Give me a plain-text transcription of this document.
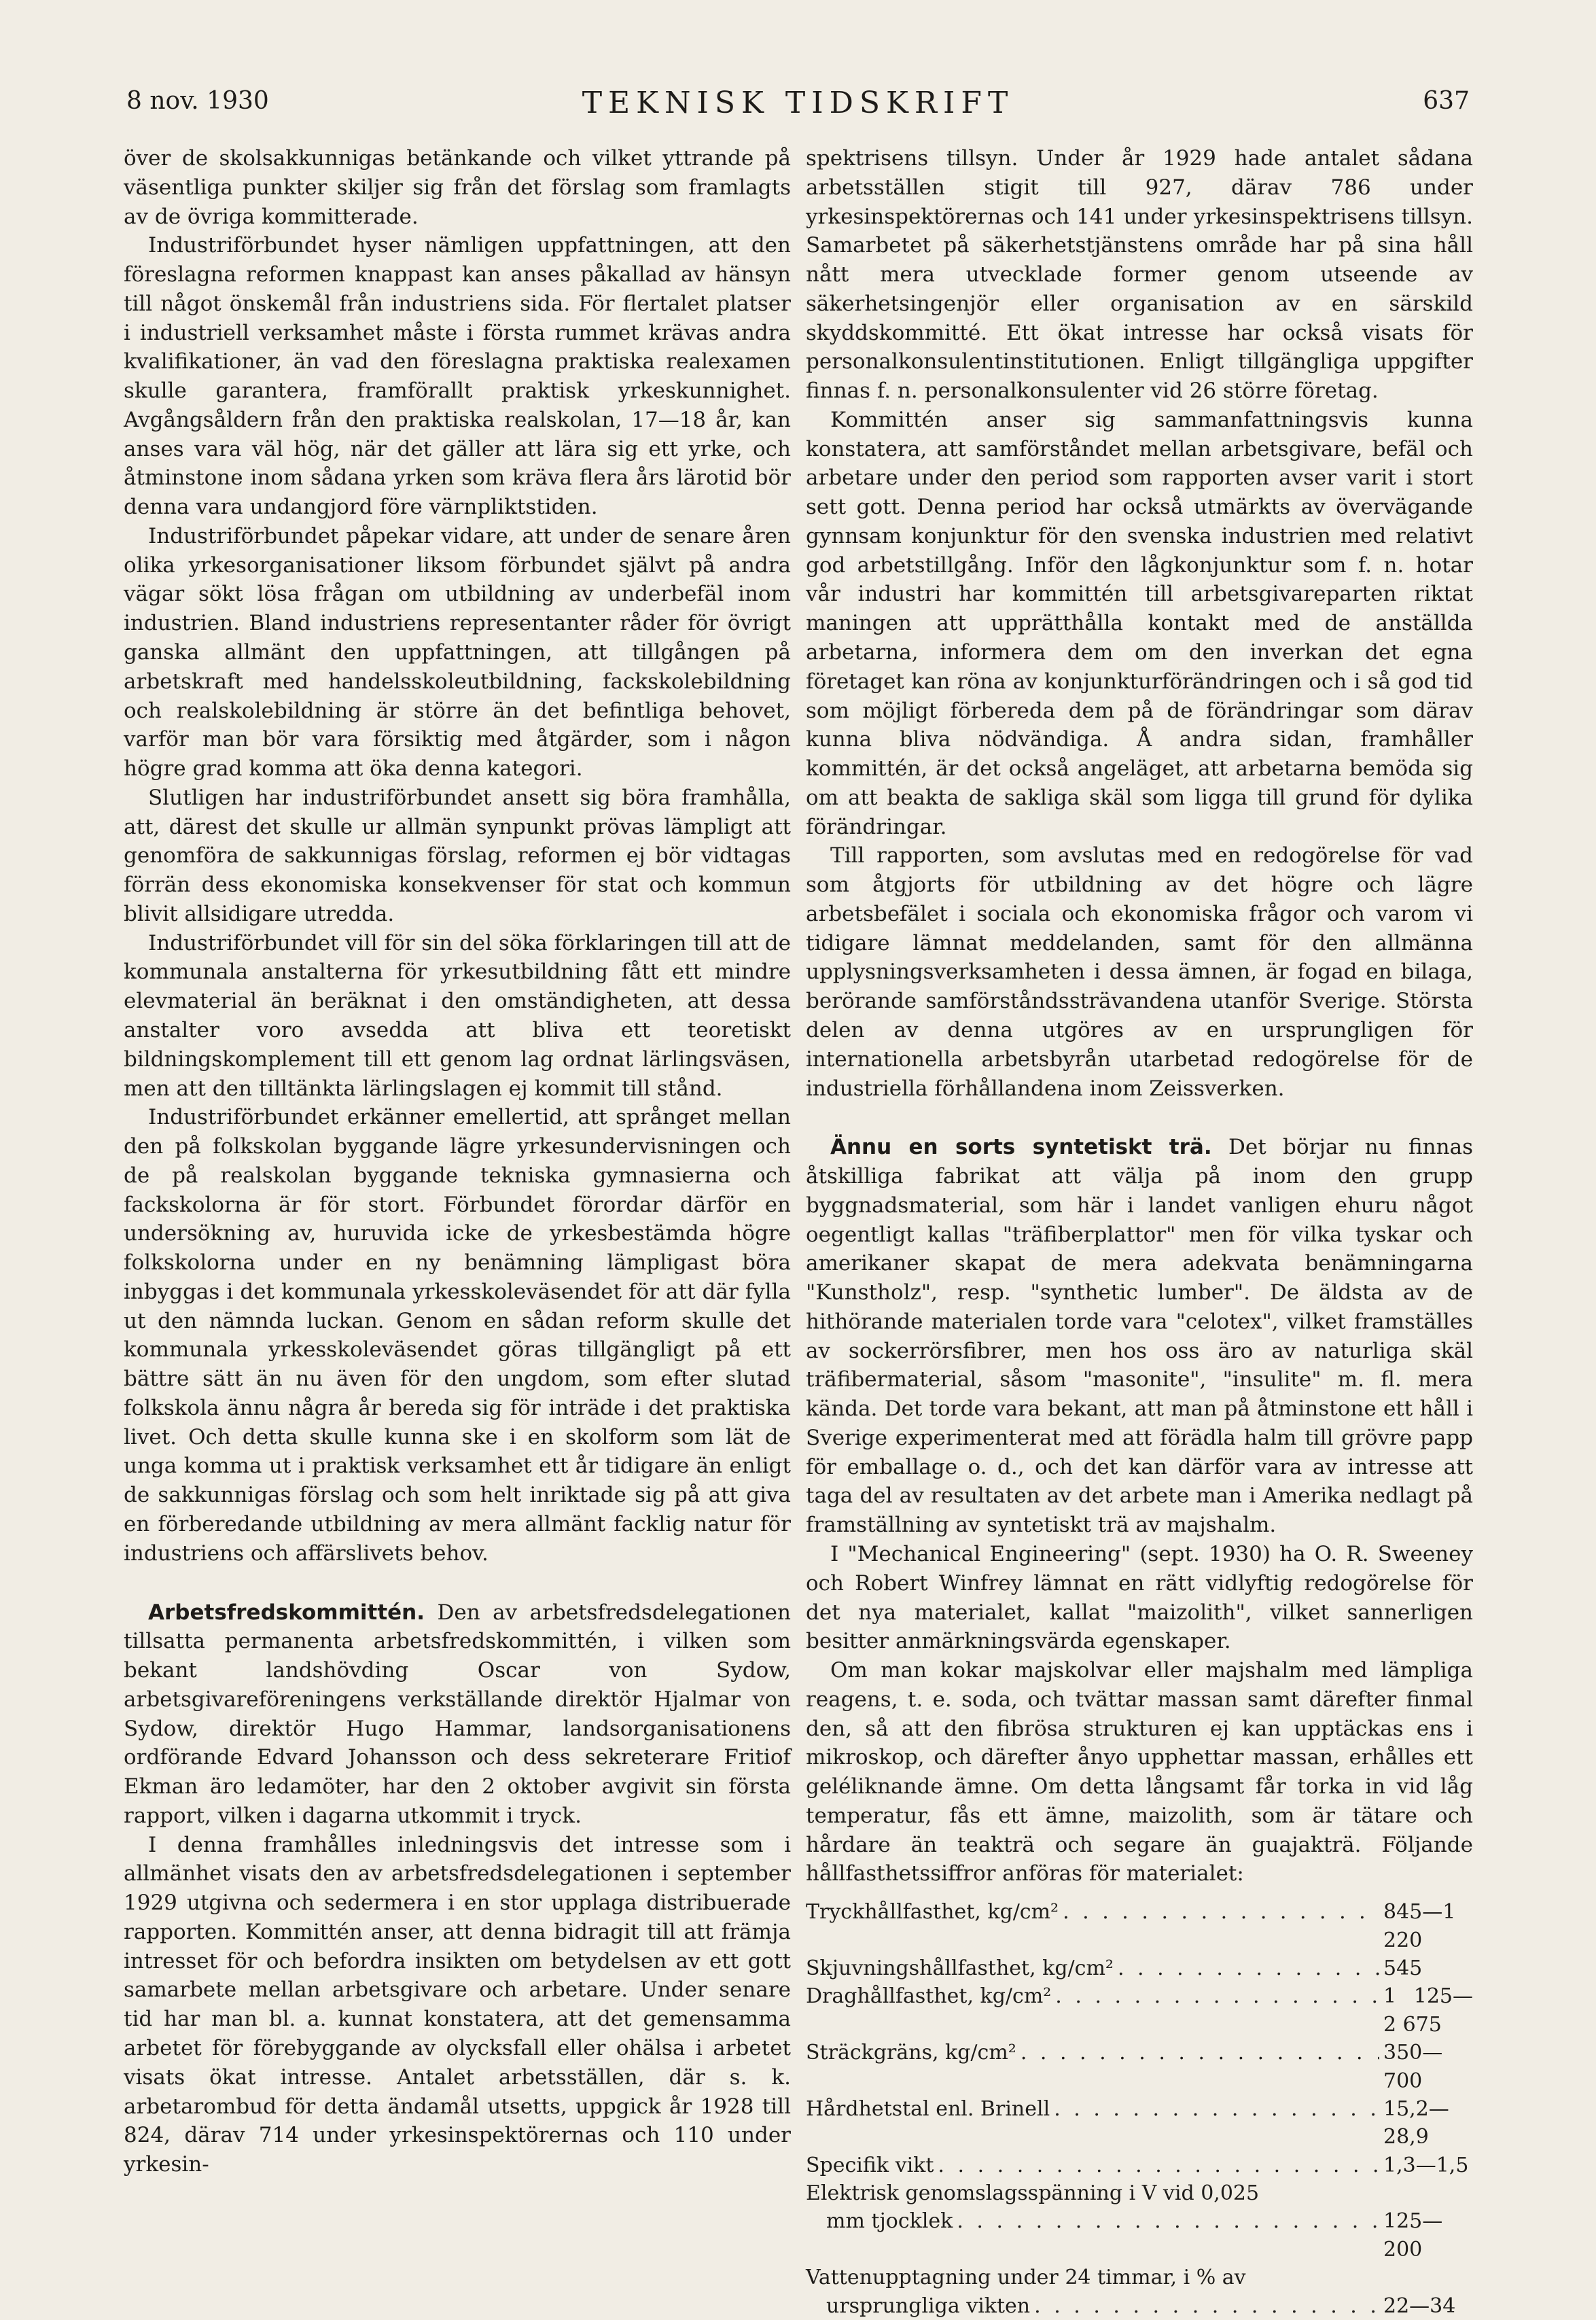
8 nov. 1930	TEKNISK TIDSKRIFT	637

över de skolsakkunnigas betänkande och vilket yttrande på väsentliga punkter skiljer sig från det förslag som framlagts av de övriga kommitterade.

Industriförbundet hyser nämligen uppfattningen, att den föreslagna reformen knappast kan anses påkallad av hänsyn till något önskemål från industriens sida. För flertalet platser i industriell verksamhet måste i första rummet krävas andra kvalifikationer, än vad den föreslagna praktiska realexamen skulle garantera, framförallt praktisk yrkeskunnighet. Avgångsåldern från den praktiska realskolan, 17—18 år, kan anses vara väl hög, när det gäller att lära sig ett yrke, och åtminstone inom sådana yrken som kräva flera års lärotid bör denna vara undangjord före värnpliktstiden.

Industriförbundet påpekar vidare, att under de senare åren olika yrkesorganisationer liksom förbundet självt på andra vägar sökt lösa frågan om utbildning av underbefäl inom industrien. Bland industriens representanter råder för övrigt ganska allmänt den uppfattningen, att tillgången på arbetskraft med handelsskoleutbildning, fackskolebildning och realskolebildning är större än det befintliga behovet, varför man bör vara försiktig med åtgärder, som i någon högre grad komma att öka denna kategori.

Slutligen har industriförbundet ansett sig böra framhålla, att, därest det skulle ur allmän synpunkt prövas lämpligt att genomföra de sakkunnigas förslag, reformen ej bör vidtagas förrän dess ekonomiska konsekvenser för stat och kommun blivit allsidigare utredda.

Industriförbundet vill för sin del söka förklaringen till att de kommunala anstalterna för yrkesutbildning fått ett mindre elevmaterial än beräknat i den omständigheten, att dessa anstalter voro avsedda att bliva ett teoretiskt bildningskomplement till ett genom lag ordnat lärlingsväsen, men att den tilltänkta lärlingslagen ej kommit till stånd.

Industriförbundet erkänner emellertid, att språnget mellan den på folkskolan byggande lägre yrkesundervisningen och de på realskolan byggande tekniska gymnasierna och fackskolorna är för stort. Förbundet förordar därför en undersökning av, huruvida icke de yrkesbestämda högre folkskolorna under en ny benämning lämpligast böra inbyggas i det kommunala yrkesskoleväsendet för att där fylla ut den nämnda luckan. Genom en sådan reform skulle det kommunala yrkesskoleväsendet göras tillgängligt på ett bättre sätt än nu även för den ungdom, som efter slutad folkskola ännu några år bereda sig för inträde i det praktiska livet. Och detta skulle kunna ske i en skolform som lät de unga komma ut i praktisk verksamhet ett år tidigare än enligt de sakkunnigas förslag och som helt inriktade sig på att giva en förberedande utbildning av mera allmänt facklig natur för industriens och affärslivets behov.

Arbetsfredskommittén. Den av arbetsfredsdelegationen tillsatta permanenta arbetsfredskommittén, i vilken som bekant landshövding Oscar von Sydow, arbetsgivareföreningens verkställande direktör Hjalmar von Sydow, direktör Hugo Hammar, landsorganisationens ordförande Edvard Johansson och dess sekreterare Fritiof Ekman äro ledamöter, har den 2 oktober avgivit sin första rapport, vilken i dagarna utkommit i tryck.

I denna framhålles inledningsvis det intresse som i allmänhet visats den av arbetsfredsdelegationen i september 1929 utgivna och sedermera i en stor upplaga distribuerade rapporten. Kommittén anser, att denna bidragit till att främja intresset för och befordra insikten om betydelsen av ett gott samarbete mellan arbetsgivare och arbetare. Under senare tid har man bl. a. kunnat konstatera, att det gemensamma arbetet för förebyggande av olycksfall eller ohälsa i arbetet visats ökat intresse. Antalet arbetsställen, där s. k. arbetarombud för detta ändamål utsetts, uppgick år 1928 till 824, därav 714 under yrkesinspektörernas och 110 under yrkesin-

spektrisens tillsyn. Under år 1929 hade antalet sådana arbetsställen stigit till 927, därav 786 under yrkesinspektörernas och 141 under yrkesinspektrisens tillsyn. Samarbetet på säkerhetstjänstens område har på sina håll nått mera utvecklade former genom utseende av säkerhetsingenjör eller organisation av en särskild skyddskommitté. Ett ökat intresse har också visats för personalkonsulentinstitutionen. Enligt tillgängliga uppgifter finnas f. n. personalkonsulenter vid 26 större företag.

Kommittén anser sig sammanfattningsvis kunna konstatera, att samförståndet mellan arbetsgivare, befäl och arbetare under den period som rapporten avser varit i stort sett gott. Denna period har också utmärkts av övervägande gynnsam konjunktur för den svenska industrien med relativt god arbetstillgång. Inför den lågkonjunktur som f. n. hotar vår industri har kommittén till arbetsgivareparten riktat maningen att upprätthålla kontakt med de anställda arbetarna, informera dem om den inverkan det egna företaget kan röna av konjunkturförändringen och i så god tid som möjligt förbereda dem på de förändringar som därav kunna bliva nödvändiga. Å andra sidan, framhåller kommittén, är det också angeläget, att arbetarna bemöda sig om att beakta de sakliga skäl som ligga till grund för dylika förändringar.

Till rapporten, som avslutas med en redogörelse för vad som åtgjorts för utbildning av det högre och lägre arbetsbefälet i sociala och ekonomiska frågor och varom vi tidigare lämnat meddelanden, samt för den allmänna upplysningsverksamheten i dessa ämnen, är fogad en bilaga, berörande samförståndssträvandena utanför Sverige. Största delen av denna utgöres av en ursprungligen för internationella arbetsbyrån utarbetad redogörelse för de industriella förhållandena inom Zeissverken.

Ännu en sorts syntetiskt trä. Det börjar nu finnas åtskilliga fabrikat att välja på inom den grupp byggnadsmaterial, som här i landet vanligen ehuru något oegentligt kallas "träfiberplattor" men för vilka tyskar och amerikaner skapat de mera adekvata benämningarna "Kunstholz", resp. "synthetic lumber". De äldsta av de hithörande materialen torde vara "celotex", vilket framställes av sockerrörsfibrer, men hos oss äro av naturliga skäl träfibermaterial, såsom "masonite", "insulite" m. fl. mera kända. Det torde vara bekant, att man på åtminstone ett håll i Sverige experimenterat med att förädla halm till grövre papp för emballage o. d., och det kan därför vara av intresse att taga del av resultaten av det arbete man i Amerika nedlagt på framställning av syntetiskt trä av majshalm.

I "Mechanical Engineering" (sept. 1930) ha O. R. Sweeney och Robert Winfrey lämnat en rätt vidlyftig redogörelse för det nya materialet, kallat "maizolith", vilket sannerligen besitter anmärkningsvärda egenskaper.

Om man kokar majskolvar eller majshalm med lämpliga reagens, t. e. soda, och tvättar massan samt därefter finmal den, så att den fibrösa strukturen ej kan upptäckas ens i mikroskop, och därefter ånyo upphettar massan, erhålles ett geléliknande ämne. Om detta långsamt får torka in vid låg temperatur, fås ett ämne, maizolith, som är tätare och hårdare än teakträ och segare än guajakträ. Följande hållfasthetssiffror anföras för materialet:

Tryckhållfasthet, kg/cm² . . .	845—1 220
Skjuvningshållfasthet, kg/cm² . . .	545
Draghållfasthet, kg/cm² . . .	1 125—2 675
Sträckgräns, kg/cm² . . .	350—700
Hårdhetstal enl. Brinell . . .	15,2—28,9
Specifik vikt . . .	1,3—1,5
Elektrisk genomslagsspänning i V vid 0,025
mm tjocklek . . .	125—200
Vattenupptagning under 24 timmar, i % av
ursprungliga vikten . . .	22—34
